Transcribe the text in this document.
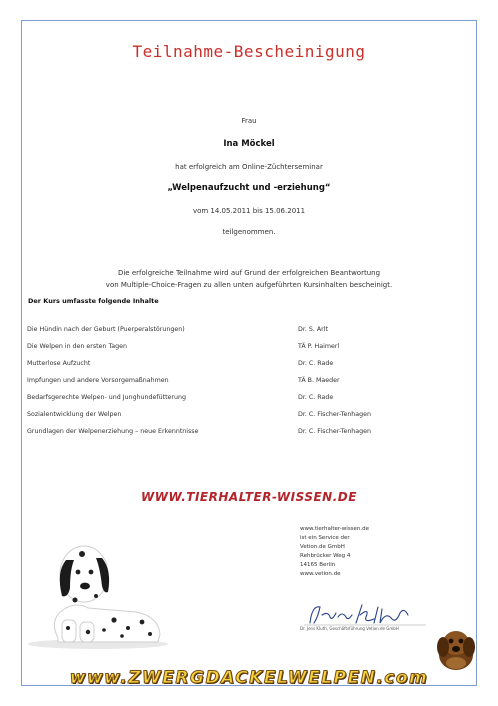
Teilnahme-Bescheinigung
Frau
Ina Möckel
hat erfolgreich am Online-Züchterseminar
„Welpenaufzucht und -erziehung“
vom 14.05.2011 bis 15.06.2011
teilgenommen.
Die erfolgreiche Teilnahme wird auf Grund der erfolgreichen Beantwortung
von Multiple-Choice-Fragen zu allen unten aufgeführten Kursinhalten bescheinigt.
Der Kurs umfasste folgende Inhalte
Die Hündin nach der Geburt (Puerperalstörungen)	Dr. S. Arlt
Die Welpen in den ersten Tagen	TÄ P. Haimerl
Mutterlose Aufzucht	Dr. C. Rade
Impfungen und andere Vorsorgemaßnahmen	TÄ B. Maeder
Bedarfsgerechte Welpen- und Junghundefütterung	Dr. C. Rade
Sozialentwicklung der Welpen	Dr. C. Fischer-Tenhagen
Grundlagen der Welpenerziehung – neue Erkenntnisse	Dr. C. Fischer-Tenhagen
WWW.TIERHALTER-WISSEN.DE
www.tierhalter-wissen.de
ist ein Service der
Vetion.de GmbH
Rehbrücker Weg 4
14165 Berlin
www.vetion.de
Dr. Jens Kluth, Geschäftsführung Vetion.de GmbH
www.ZWERGDACKELWELPEN.com
